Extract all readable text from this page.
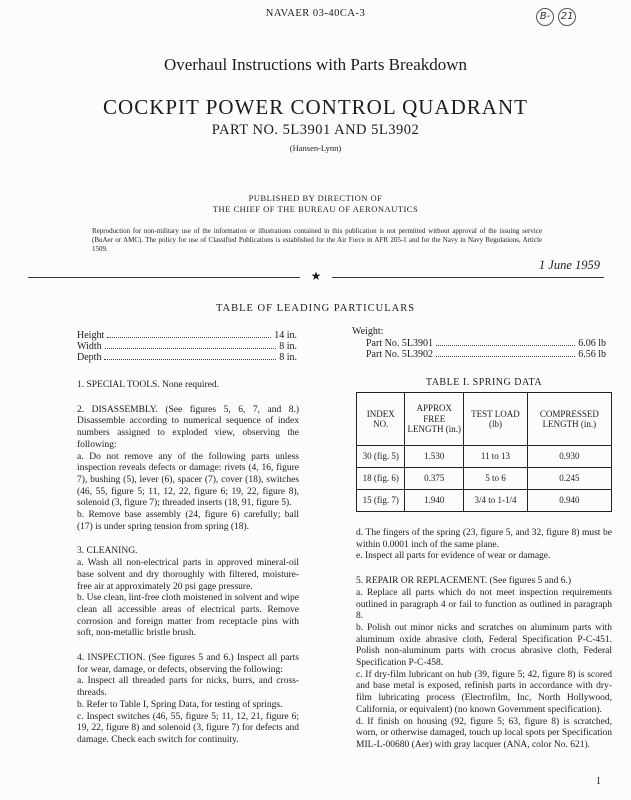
NAVAER 03-40CA-3	B- 21
Overhaul Instructions with Parts Breakdown
COCKPIT POWER CONTROL QUADRANT
PART NO. 5L3901 AND 5L3902
(Hansen-Lynn)
PUBLISHED BY DIRECTION OF
THE CHIEF OF THE BUREAU OF AERONAUTICS
Reproduction for non-military use of the information or illustrations contained in this publication is not permitted without approval of the issuing service (BuAer or AMC). The policy for use of Classified Publications is established for the Air Force in AFR 205-1 and for the Navy in Navy Regulations, Article 1509.
1 June 1959
★
TABLE OF LEADING PARTICULARS
Height	14 in.
Width	8 in.
Depth	8 in.
Weight:
Part No. 5L3901	6.06 lb
Part No. 5L3902	6.56 lb

1. SPECIAL TOOLS. None required.

2. DISASSEMBLY. (See figures 5, 6, 7, and 8.) Disassemble according to numerical sequence of index numbers assigned to exploded view, observing the following:

a. Do not remove any of the following parts unless inspection reveals defects or damage: rivets (4, 16, figure 7), bushing (5), lever (6), spacer (7), cover (18), switches (46, 55, figure 5; 11, 12, 22, figure 6; 19, 22, figure 8), solenoid (3, figure 7); threaded inserts (18, 91, figure 5).

b. Remove base assembly (24, figure 6) carefully; ball (17) is under spring tension from spring (18).

3. CLEANING.

a. Wash all non-electrical parts in approved mineral-oil base solvent and dry thoroughly with filtered, moisture-free air at approximately 20 psi gage pressure.

b. Use clean, lint-free cloth moistened in solvent and wipe clean all accessible areas of electrical parts. Remove corrosion and foreign matter from receptacle pins with soft, non-metallic bristle brush.

4. INSPECTION. (See figures 5 and 6.) Inspect all parts for wear, damage, or defects, observing the following:

a. Inspect all threaded parts for nicks, burrs, and cross-threads.

b. Refer to Table I, Spring Data, for testing of springs.

c. Inspect switches (46, 55, figure 5; 11, 12, 21, figure 6; 19, 22, figure 8) and solenoid (3, figure 7) for defects and damage. Check each switch for continuity.

TABLE I. SPRING DATA
INDEX NO.	APPROX FREE LENGTH (in.)	TEST LOAD (lb)	COMPRESSED LENGTH (in.)
30 (fig. 5)	1.530	11 to 13	0.930
18 (fig. 6)	0.375	5 to 6	0.245
15 (fig. 7)	1.940	3/4 to 1-1/4	0.940

d. The fingers of the spring (23, figure 5, and 32, figure 8) must be within 0.0001 inch of the same plane.

e. Inspect all parts for evidence of wear or damage.

5. REPAIR OR REPLACEMENT. (See figures 5 and 6.)

a. Replace all parts which do not meet inspection requirements outlined in paragraph 4 or fail to function as outlined in paragraph 8.

b. Polish out minor nicks and scratches on aluminum parts with aluminum oxide abrasive cloth, Federal Specification P-C-451. Polish non-aluminum parts with crocus abrasive cloth, Federal Specification P-C-458.

c. If dry-film lubricant on hub (39, figure 5; 42, figure 8) is scored and base metal is exposed, refinish parts in accordance with dry-film lubricating process (Electrofilm, Inc, North Hollywood, California, or equivalent) (no known Government specification).

d. If finish on housing (92, figure 5; 63, figure 8) is scratched, worn, or otherwise damaged, touch up local spots per Specification MIL-L-00680 (Aer) with gray lacquer (ANA, color No. 621).

1
